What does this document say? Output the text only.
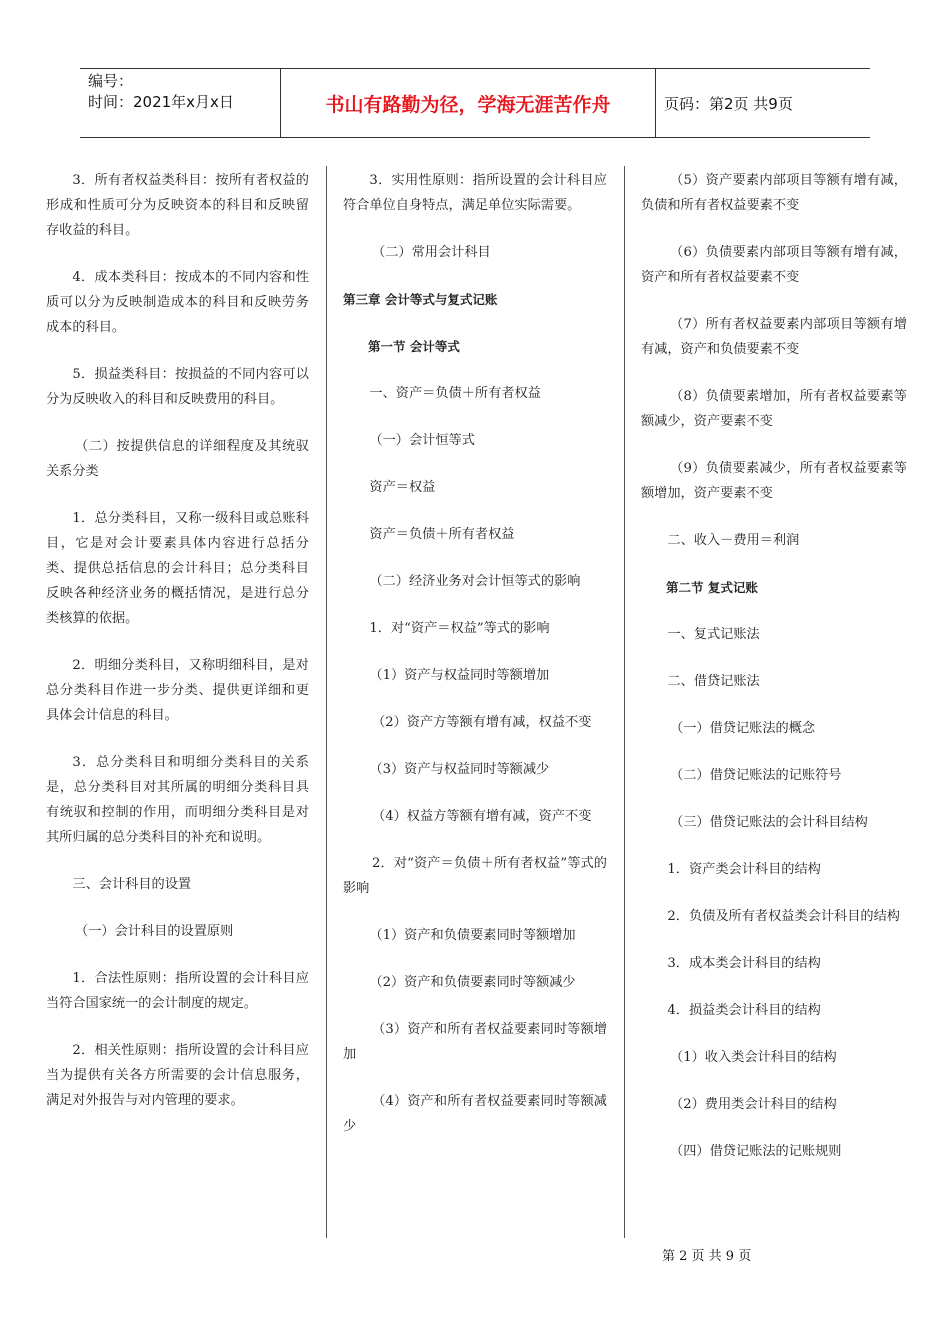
编号：
时间：2021年x月x日	书山有路勤为径，学海无涯苦作舟	页码：第2页 共9页

3．所有者权益类科目：按所有者权益的形成和性质可分为反映资本的科目和反映留存收益的科目。

4．成本类科目：按成本的不同内容和性质可以分为反映制造成本的科目和反映劳务成本的科目。

5．损益类科目：按损益的不同内容可以分为反映收入的科目和反映费用的科目。

（二）按提供信息的详细程度及其统驭关系分类

1．总分类科目，又称一级科目或总账科目，它是对会计要素具体内容进行总括分类、提供总括信息的会计科目；总分类科目反映各种经济业务的概括情况，是进行总分类核算的依据。

2．明细分类科目，又称明细科目，是对总分类科目作进一步分类、提供更详细和更具体会计信息的科目。

3．总分类科目和明细分类科目的关系是，总分类科目对其所属的明细分类科目具有统驭和控制的作用，而明细分类科目是对其所归属的总分类科目的补充和说明。

三、会计科目的设置

（一）会计科目的设置原则

1．合法性原则：指所设置的会计科目应当符合国家统一的会计制度的规定。

2．相关性原则：指所设置的会计科目应当为提供有关各方所需要的会计信息服务，满足对外报告与对内管理的要求。

3．实用性原则：指所设置的会计科目应符合单位自身特点，满足单位实际需要。

（二）常用会计科目

第三章 会计等式与复式记账

第一节 会计等式

一、资产＝负债＋所有者权益

（一）会计恒等式

资产＝权益

资产＝负债＋所有者权益

（二）经济业务对会计恒等式的影响

1．对“资产＝权益”等式的影响

（1）资产与权益同时等额增加

（2）资产方等额有增有减，权益不变

（3）资产与权益同时等额减少

（4）权益方等额有增有减，资产不变

2．对“资产＝负债＋所有者权益”等式的影响

（1）资产和负债要素同时等额增加

（2）资产和负债要素同时等额减少

（3）资产和所有者权益要素同时等额增加

（4）资产和所有者权益要素同时等额减少

（5）资产要素内部项目等额有增有减，负债和所有者权益要素不变

（6）负债要素内部项目等额有增有减，资产和所有者权益要素不变

（7）所有者权益要素内部项目等额有增有减，资产和负债要素不变

（8）负债要素增加，所有者权益要素等额减少，资产要素不变

（9）负债要素减少，所有者权益要素等额增加，资产要素不变

二、收入－费用＝利润

第二节 复式记账

一、复式记账法

二、借贷记账法

（一）借贷记账法的概念

（二）借贷记账法的记账符号

（三）借贷记账法的会计科目结构

1．资产类会计科目的结构

2．负债及所有者权益类会计科目的结构

3．成本类会计科目的结构

4．损益类会计科目的结构

（1）收入类会计科目的结构

（2）费用类会计科目的结构

（四）借贷记账法的记账规则

第 2 页 共 9 页
